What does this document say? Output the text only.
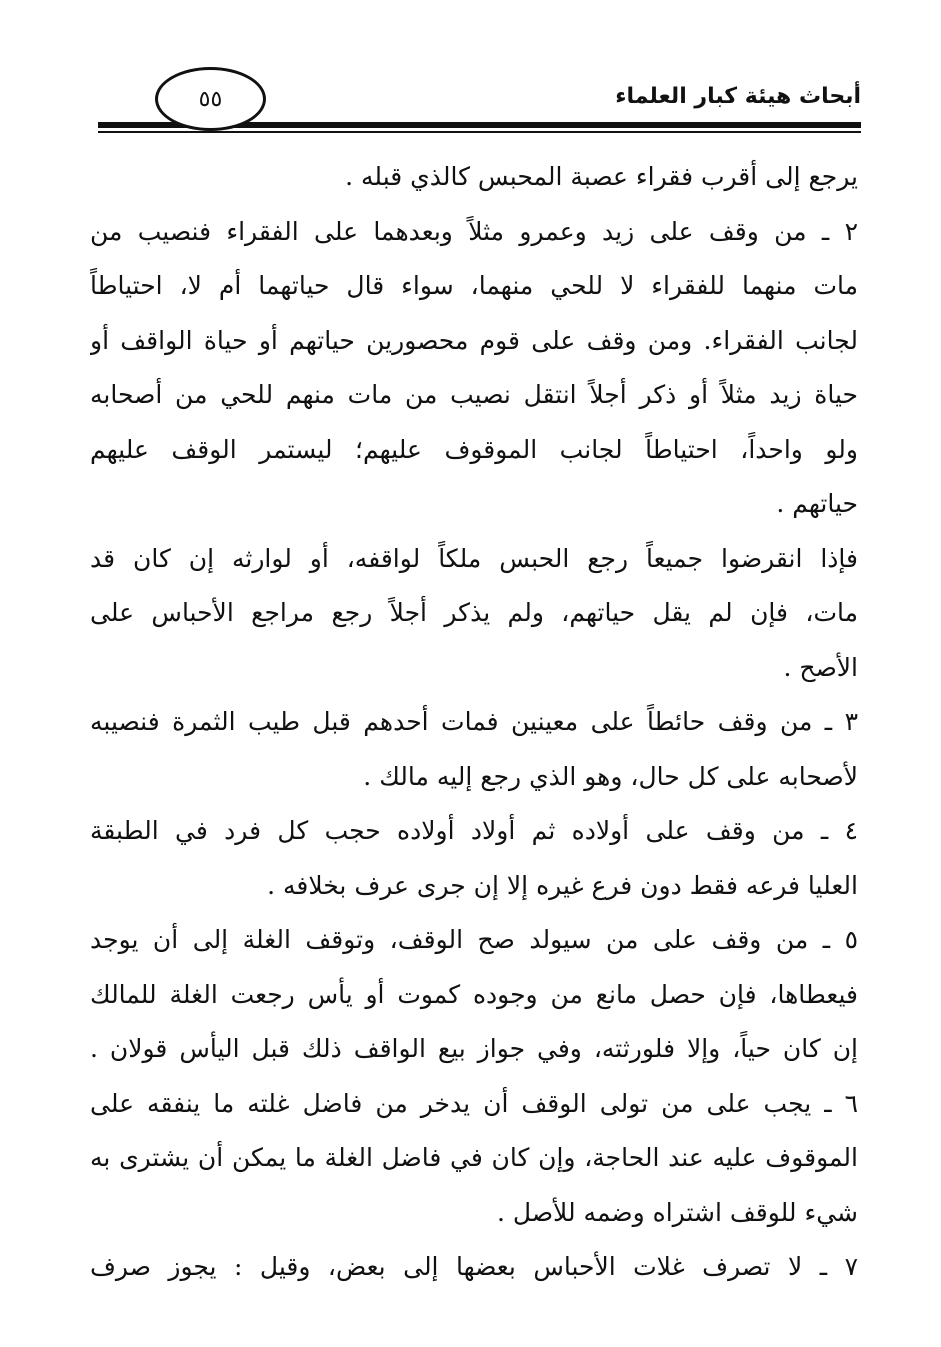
٥٥	أبحاث هيئة كبار العلماء
يرجع إلى أقرب فقراء عصبة المحبس كالذي قبله .
٢ ـ من وقف على زيد وعمرو مثلاً وبعدهما على الفقراء فنصيب من
مات منهما للفقراء لا للحي منهما، سواء قال حياتهما أم لا، احتياطاً
لجانب الفقراء. ومن وقف على قوم محصورين حياتهم أو حياة الواقف أو
حياة زيد مثلاً أو ذكر أجلاً انتقل نصيب من مات منهم للحي من أصحابه
ولو واحداً، احتياطاً لجانب الموقوف عليهم؛ ليستمر الوقف عليهم
حياتهم .
فإذا انقرضوا جميعاً رجع الحبس ملكاً لواقفه، أو لوارثه إن كان قد
مات، فإن لم يقل حياتهم، ولم يذكر أجلاً رجع مراجع الأحباس على
الأصح .
٣ ـ من وقف حائطاً على معينين فمات أحدهم قبل طيب الثمرة فنصيبه
لأصحابه على كل حال، وهو الذي رجع إليه مالك .
٤ ـ من وقف على أولاده ثم أولاد أولاده حجب كل فرد في الطبقة
العليا فرعه فقط دون فرع غيره إلا إن جرى عرف بخلافه .
٥ ـ من وقف على من سيولد صح الوقف، وتوقف الغلة إلى أن يوجد
فيعطاها، فإن حصل مانع من وجوده كموت أو يأس رجعت الغلة للمالك
إن كان حياً، وإلا فلورثته، وفي جواز بيع الواقف ذلك قبل اليأس قولان .
٦ ـ يجب على من تولى الوقف أن يدخر من فاضل غلته ما ينفقه على
الموقوف عليه عند الحاجة، وإن كان في فاضل الغلة ما يمكن أن يشترى به
شيء للوقف اشتراه وضمه للأصل .
٧ ـ لا تصرف غلات الأحباس بعضها إلى بعض، وقيل : يجوز صرف
